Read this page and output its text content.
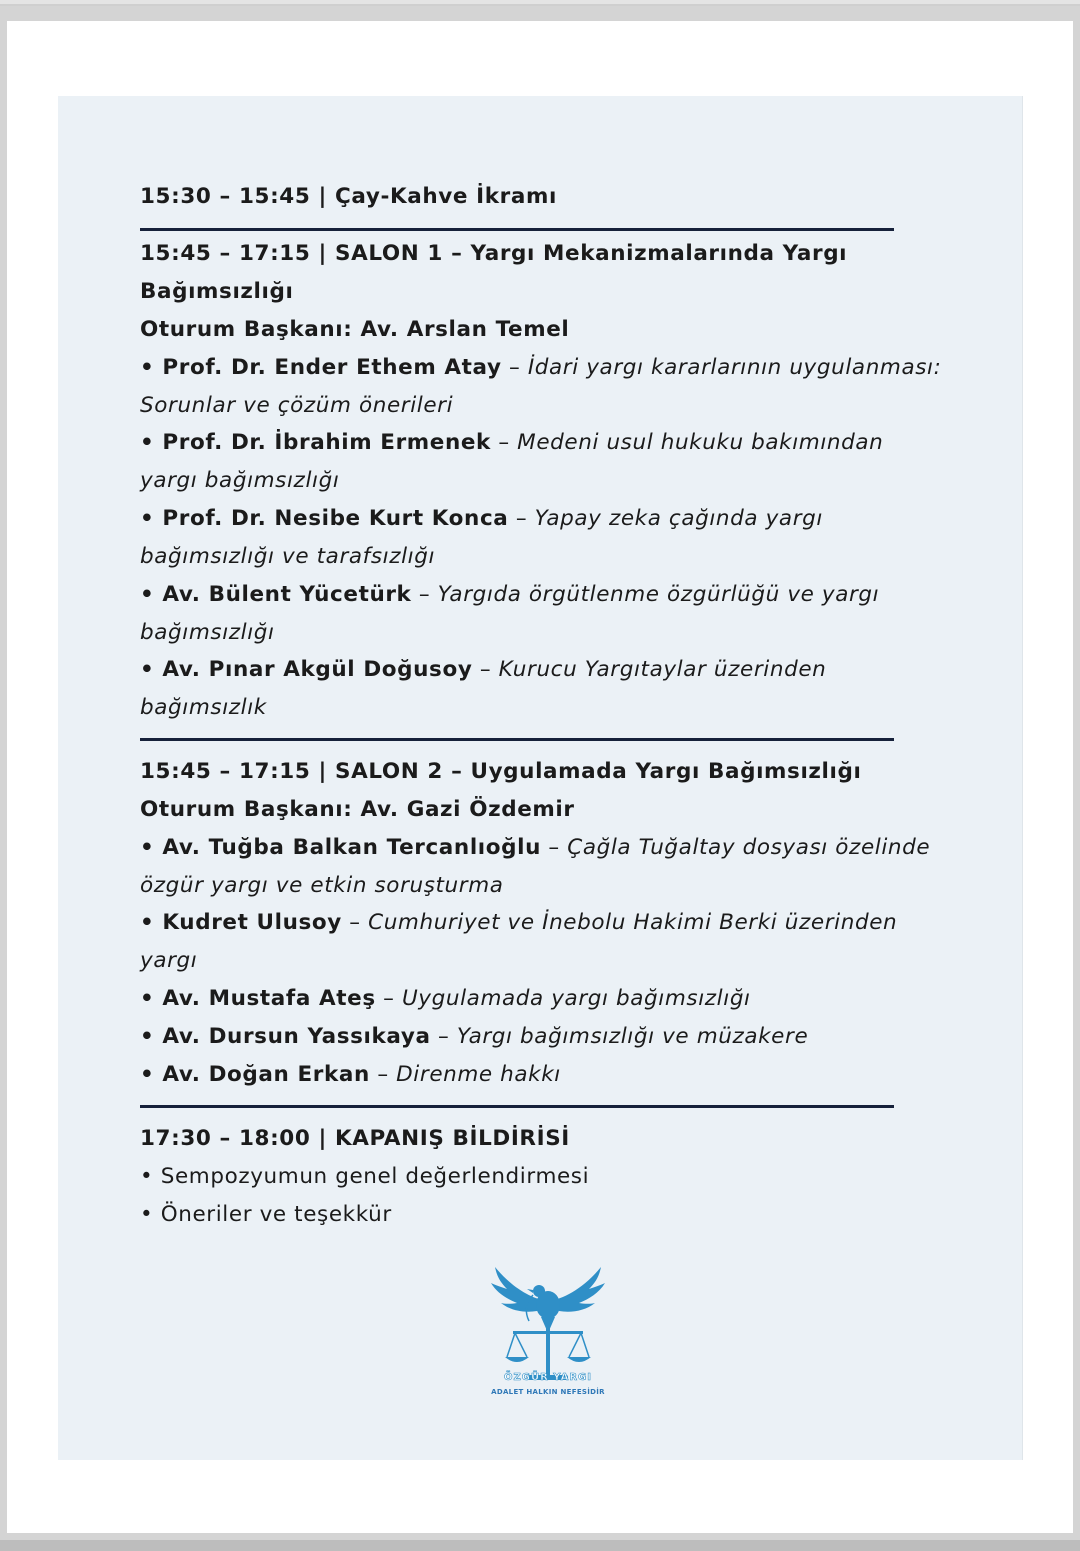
15:30 – 15:45 | Çay-Kahve İkramı
15:45 – 17:15 | SALON 1 – Yargı Mekanizmalarında Yargı
Bağımsızlığı
Oturum Başkanı: Av. Arslan Temel
• Prof. Dr. Ender Ethem Atay – İdari yargı kararlarının uygulanması:
Sorunlar ve çözüm önerileri
• Prof. Dr. İbrahim Ermenek – Medeni usul hukuku bakımından
yargı bağımsızlığı
• Prof. Dr. Nesibe Kurt Konca – Yapay zeka çağında yargı
bağımsızlığı ve tarafsızlığı
• Av. Bülent Yücetürk – Yargıda örgütlenme özgürlüğü ve yargı
bağımsızlığı
• Av. Pınar Akgül Doğusoy – Kurucu Yargıtaylar üzerinden
bağımsızlık
15:45 – 17:15 | SALON 2 – Uygulamada Yargı Bağımsızlığı
Oturum Başkanı: Av. Gazi Özdemir
• Av. Tuğba Balkan Tercanlıoğlu – Çağla Tuğaltay dosyası özelinde
özgür yargı ve etkin soruşturma
• Kudret Ulusoy – Cumhuriyet ve İnebolu Hakimi Berki üzerinden
yargı
• Av. Mustafa Ateş – Uygulamada yargı bağımsızlığı
• Av. Dursun Yassıkaya – Yargı bağımsızlığı ve müzakere
• Av. Doğan Erkan – Direnme hakkı
17:30 – 18:00 | KAPANIŞ BİLDİRİSİ
• Sempozyumun genel değerlendirmesi
• Öneriler ve teşekkür
ÖZGÜR YARGI
ADALET HALKIN NEFESİDİR
